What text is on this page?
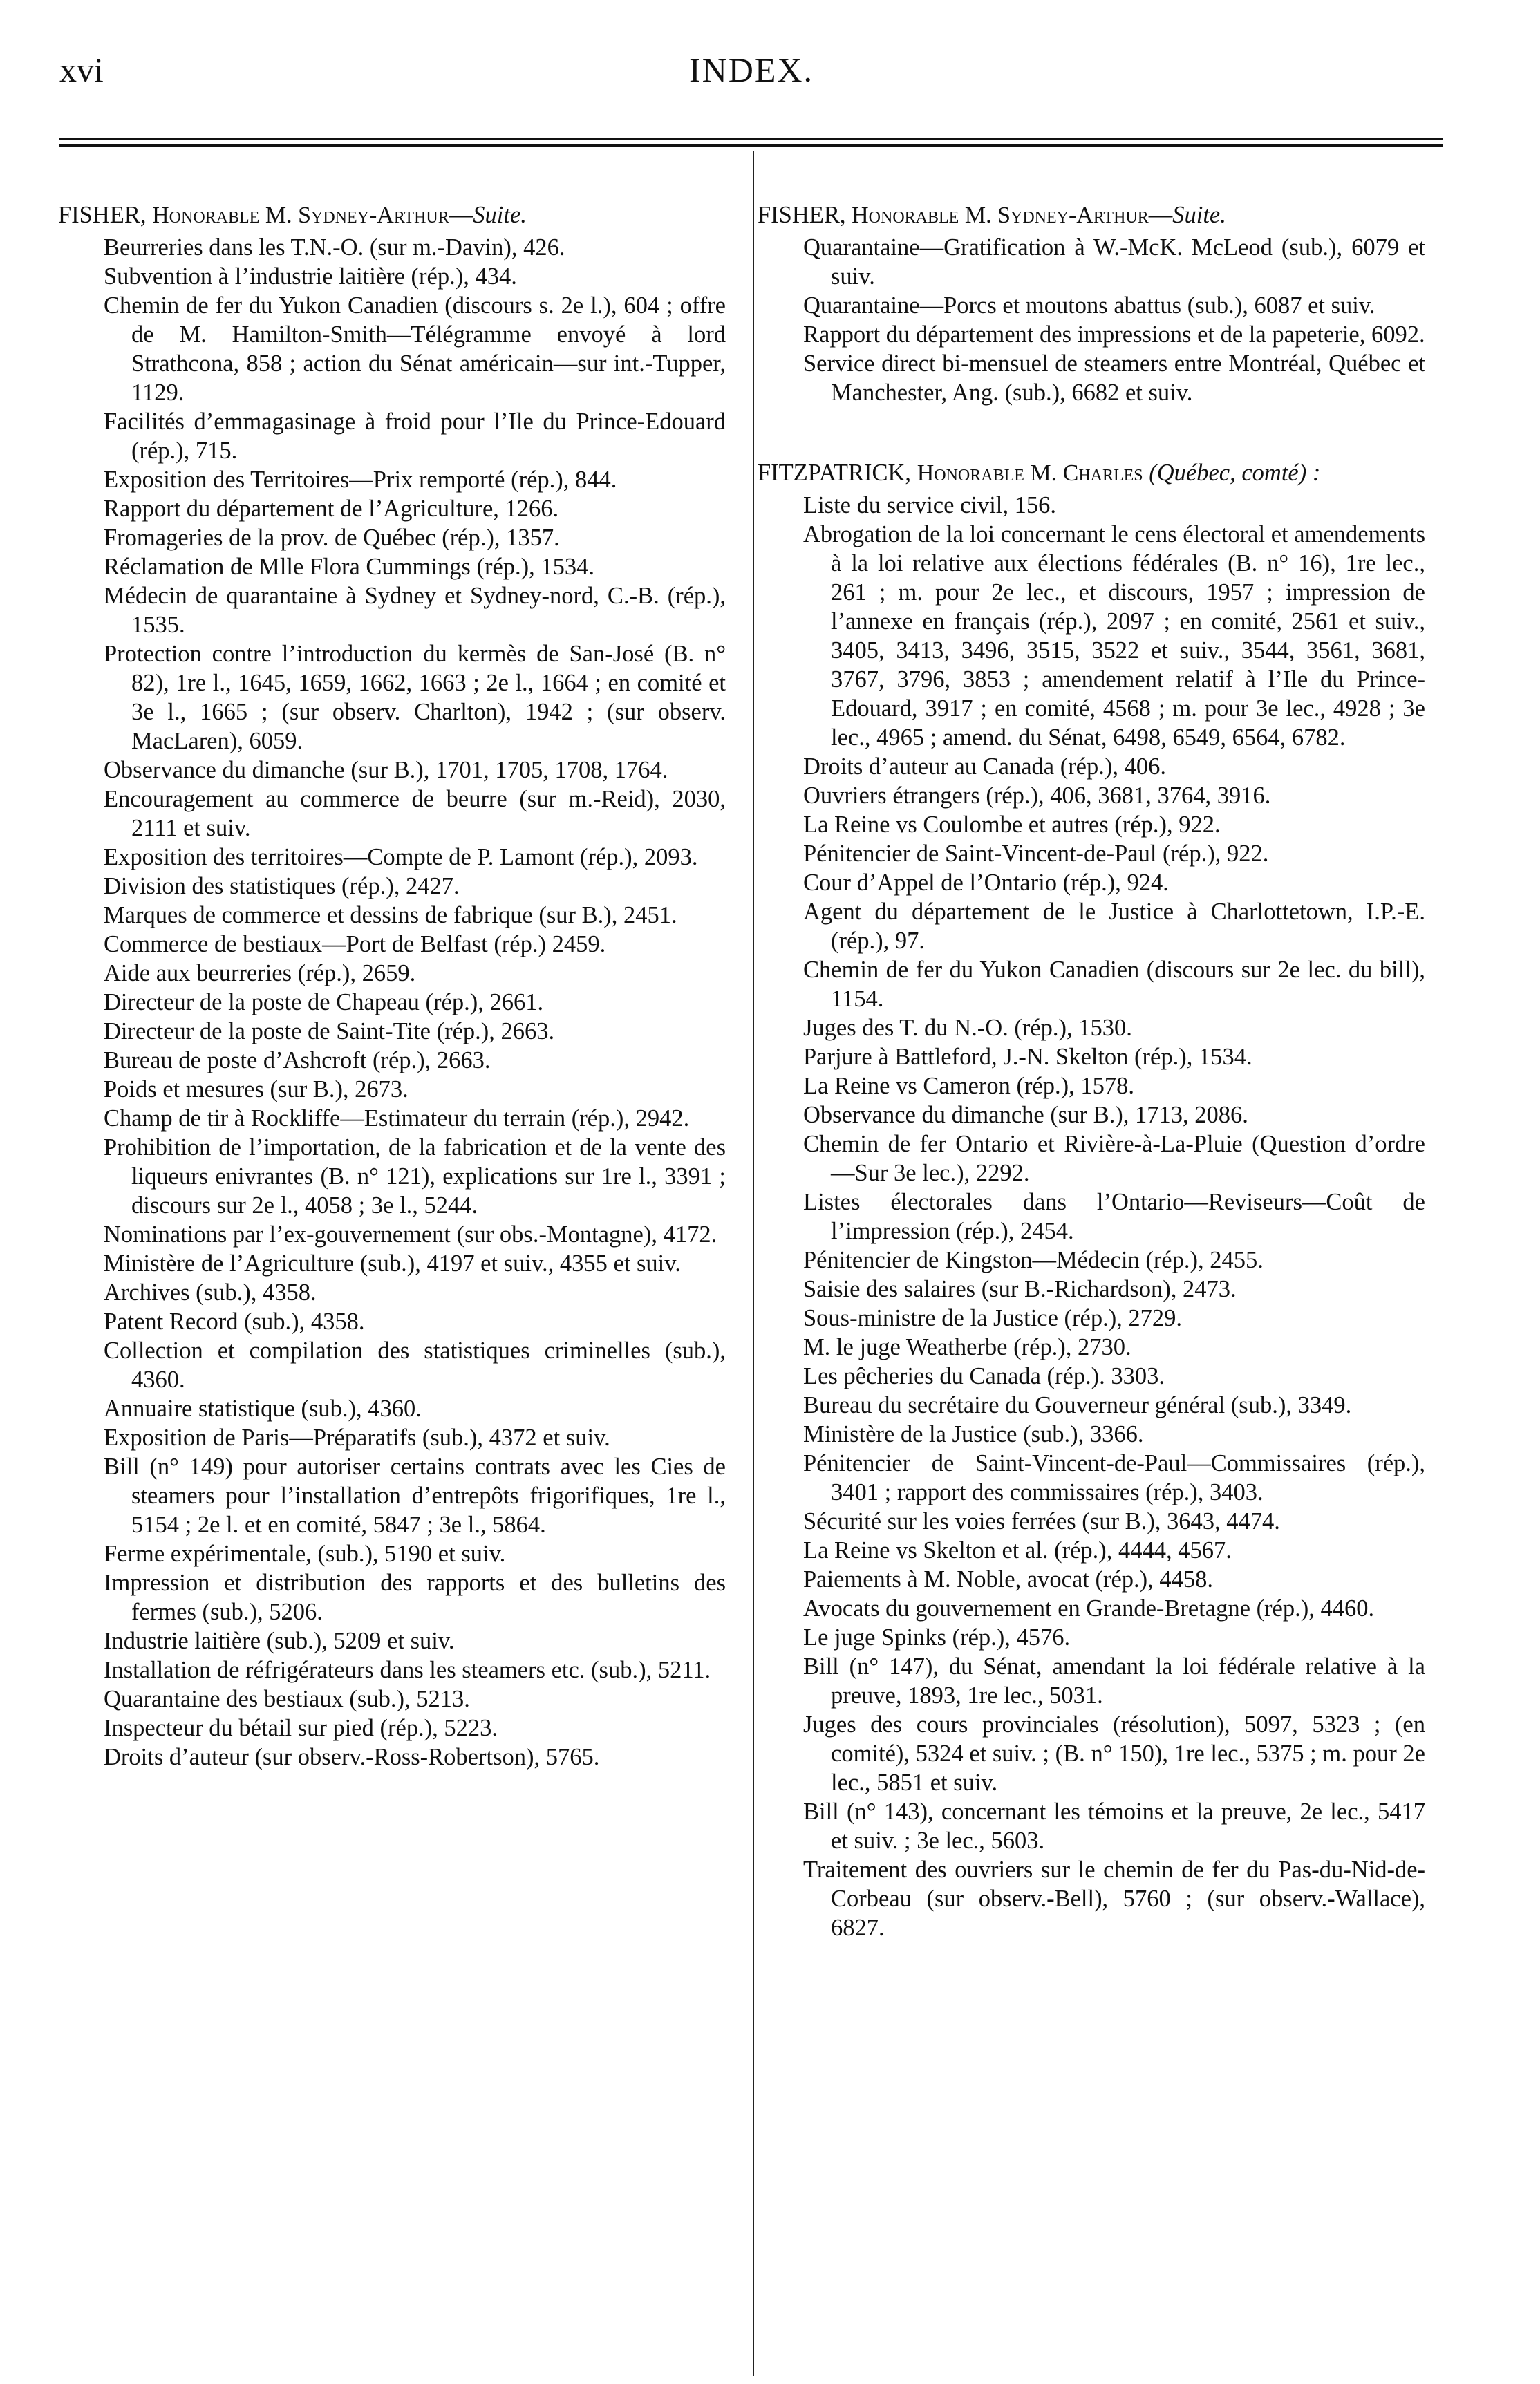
xvi	INDEX.

FISHER, Honorable M. Sydney-Arthur—Suite.

Beurreries dans les T.N.-O. (sur m.-Davin), 426.

Subvention à l’industrie laitière (rép.), 434.

Chemin de fer du Yukon Canadien (discours s. 2e l.), 604 ; offre de M. Hamilton-Smith—Télégramme envoyé à lord Strathcona, 858 ; action du Sénat américain—sur int.-Tupper, 1129.

Facilités d’emmagasinage à froid pour l’Ile du Prince-Edouard (rép.), 715.

Exposition des Territoires—Prix remporté (rép.), 844.

Rapport du département de l’Agriculture, 1266.

Fromageries de la prov. de Québec (rép.), 1357.

Réclamation de Mlle Flora Cummings (rép.), 1534.

Médecin de quarantaine à Sydney et Sydney-nord, C.-B. (rép.), 1535.

Protection contre l’introduction du kermès de San-José (B. n° 82), 1re l., 1645, 1659, 1662, 1663 ; 2e l., 1664 ; en comité et 3e l., 1665 ; (sur observ. Charlton), 1942 ; (sur observ. MacLaren), 6059.

Observance du dimanche (sur B.), 1701, 1705, 1708, 1764.

Encouragement au commerce de beurre (sur m.-Reid), 2030, 2111 et suiv.

Exposition des territoires—Compte de P. Lamont (rép.), 2093.

Division des statistiques (rép.), 2427.

Marques de commerce et dessins de fabrique (sur B.), 2451.

Commerce de bestiaux—Port de Belfast (rép.) 2459.

Aide aux beurreries (rép.), 2659.

Directeur de la poste de Chapeau (rép.), 2661.

Directeur de la poste de Saint-Tite (rép.), 2663.

Bureau de poste d’Ashcroft (rép.), 2663.

Poids et mesures (sur B.), 2673.

Champ de tir à Rockliffe—Estimateur du terrain (rép.), 2942.

Prohibition de l’importation, de la fabrication et de la vente des liqueurs enivrantes (B. n° 121), explications sur 1re l., 3391 ; discours sur 2e l., 4058 ; 3e l., 5244.

Nominations par l’ex-gouvernement (sur obs.-Montagne), 4172.

Ministère de l’Agriculture (sub.), 4197 et suiv., 4355 et suiv.

Archives (sub.), 4358.

Patent Record (sub.), 4358.

Collection et compilation des statistiques criminelles (sub.), 4360.

Annuaire statistique (sub.), 4360.

Exposition de Paris—Préparatifs (sub.), 4372 et suiv.

Bill (n° 149) pour autoriser certains contrats avec les Cies de steamers pour l’installation d’entrepôts frigorifiques, 1re l., 5154 ; 2e l. et en comité, 5847 ; 3e l., 5864.

Ferme expérimentale, (sub.), 5190 et suiv.

Impression et distribution des rapports et des bulletins des fermes (sub.), 5206.

Industrie laitière (sub.), 5209 et suiv.

Installation de réfrigérateurs dans les steamers etc. (sub.), 5211.

Quarantaine des bestiaux (sub.), 5213.

Inspecteur du bétail sur pied (rép.), 5223.

Droits d’auteur (sur observ.-Ross-Robertson), 5765.

FISHER, Honorable M. Sydney-Arthur—Suite.

Quarantaine—Gratification à W.-McK. McLeod (sub.), 6079 et suiv.

Quarantaine—Porcs et moutons abattus (sub.), 6087 et suiv.

Rapport du département des impressions et de la papeterie, 6092.

Service direct bi-mensuel de steamers entre Montréal, Québec et Manchester, Ang. (sub.), 6682 et suiv.

FITZPATRICK, Honorable M. Charles (Québec, comté) :

Liste du service civil, 156.

Abrogation de la loi concernant le cens électoral et amendements à la loi relative aux élections fédérales (B. n° 16), 1re lec., 261 ; m. pour 2e lec., et discours, 1957 ; impression de l’annexe en français (rép.), 2097 ; en comité, 2561 et suiv., 3405, 3413, 3496, 3515, 3522 et suiv., 3544, 3561, 3681, 3767, 3796, 3853 ; amendement relatif à l’Ile du Prince-Edouard, 3917 ; en comité, 4568 ; m. pour 3e lec., 4928 ; 3e lec., 4965 ; amend. du Sénat, 6498, 6549, 6564, 6782.

Droits d’auteur au Canada (rép.), 406.

Ouvriers étrangers (rép.), 406, 3681, 3764, 3916.

La Reine vs Coulombe et autres (rép.), 922.

Pénitencier de Saint-Vincent-de-Paul (rép.), 922.

Cour d’Appel de l’Ontario (rép.), 924.

Agent du département de le Justice à Charlottetown, I.P.-E. (rép.), 97.

Chemin de fer du Yukon Canadien (discours sur 2e lec. du bill), 1154.

Juges des T. du N.-O. (rép.), 1530.

Parjure à Battleford, J.-N. Skelton (rép.), 1534.

La Reine vs Cameron (rép.), 1578.

Observance du dimanche (sur B.), 1713, 2086.

Chemin de fer Ontario et Rivière-à-La-Pluie (Question d’ordre—Sur 3e lec.), 2292.

Listes électorales dans l’Ontario—Reviseurs—Coût de l’impression (rép.), 2454.

Pénitencier de Kingston—Médecin (rép.), 2455.

Saisie des salaires (sur B.-Richardson), 2473.

Sous-ministre de la Justice (rép.), 2729.

M. le juge Weatherbe (rép.), 2730.

Les pêcheries du Canada (rép.). 3303.

Bureau du secrétaire du Gouverneur général (sub.), 3349.

Ministère de la Justice (sub.), 3366.

Pénitencier de Saint-Vincent-de-Paul—Commissaires (rép.), 3401 ; rapport des commissaires (rép.), 3403.

Sécurité sur les voies ferrées (sur B.), 3643, 4474.

La Reine vs Skelton et al. (rép.), 4444, 4567.

Paiements à M. Noble, avocat (rép.), 4458.

Avocats du gouvernement en Grande-Bretagne (rép.), 4460.

Le juge Spinks (rép.), 4576.

Bill (n° 147), du Sénat, amendant la loi fédérale relative à la preuve, 1893, 1re lec., 5031.

Juges des cours provinciales (résolution), 5097, 5323 ; (en comité), 5324 et suiv. ; (B. n° 150), 1re lec., 5375 ; m. pour 2e lec., 5851 et suiv.

Bill (n° 143), concernant les témoins et la preuve, 2e lec., 5417 et suiv. ; 3e lec., 5603.

Traitement des ouvriers sur le chemin de fer du Pas-du-Nid-de-Corbeau (sur observ.-Bell), 5760 ; (sur observ.-Wallace), 6827.
